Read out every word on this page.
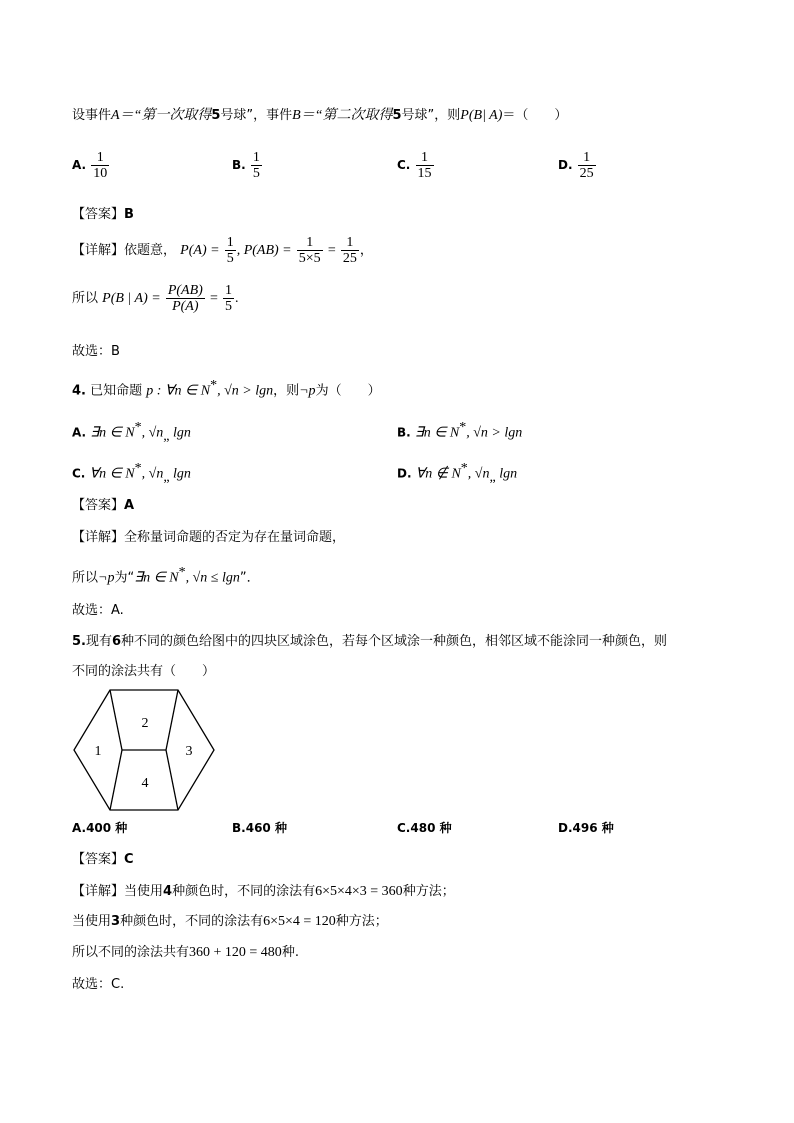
设事件A＝“第一次取得5号球”，事件B＝“第二次取得5号球”，则P(B| A)＝（　　）
A. $\frac{1}{10}$	B. $\frac{1}{5}$	C. $\frac{1}{15}$	D. $\frac{1}{25}$
【答案】B
【详解】依题意， $P(A) = \frac{1}{5}$ , $P(AB) = \frac{1}{5\times 5} = \frac{1}{25}$ ，
所以 P(B | $A) = \frac{P(AB)}{P(A)} = \frac{1}{5}$ .
故选：B
4. 已知命题 p : ∀n ∈ N*, √n > lgn，则¬p为（　　）
A. ∃n ∈ N*, $√n_„$ lgn	B. ∃n ∈ N*, √n > lgn
C. ∀n ∈ N*, $√n_„$ lgn	D. ∀n ∉ N*, $√n_„$ lgn
【答案】A
【详解】全称量词命题的否定为存在量词命题，
所以¬p为“∃n ∈ N*, √n ≤ lgn”．
故选：A.
5.现有6种不同的颜色给图中的四块区域涂色，若每个区域涂一种颜色，相邻区域不能涂同一种颜色，则
不同的涂法共有（　　）
1
2
3
4
A.400 种	B.460 种	C.480 种	D.496 种
【答案】C
【详解】当使用4种颜色时，不同的涂法有6×5×4×3 = 360种方法；
当使用3种颜色时，不同的涂法有6×5×4 = 120种方法；
所以不同的涂法共有360 + 120 = 480种.
故选：C.
